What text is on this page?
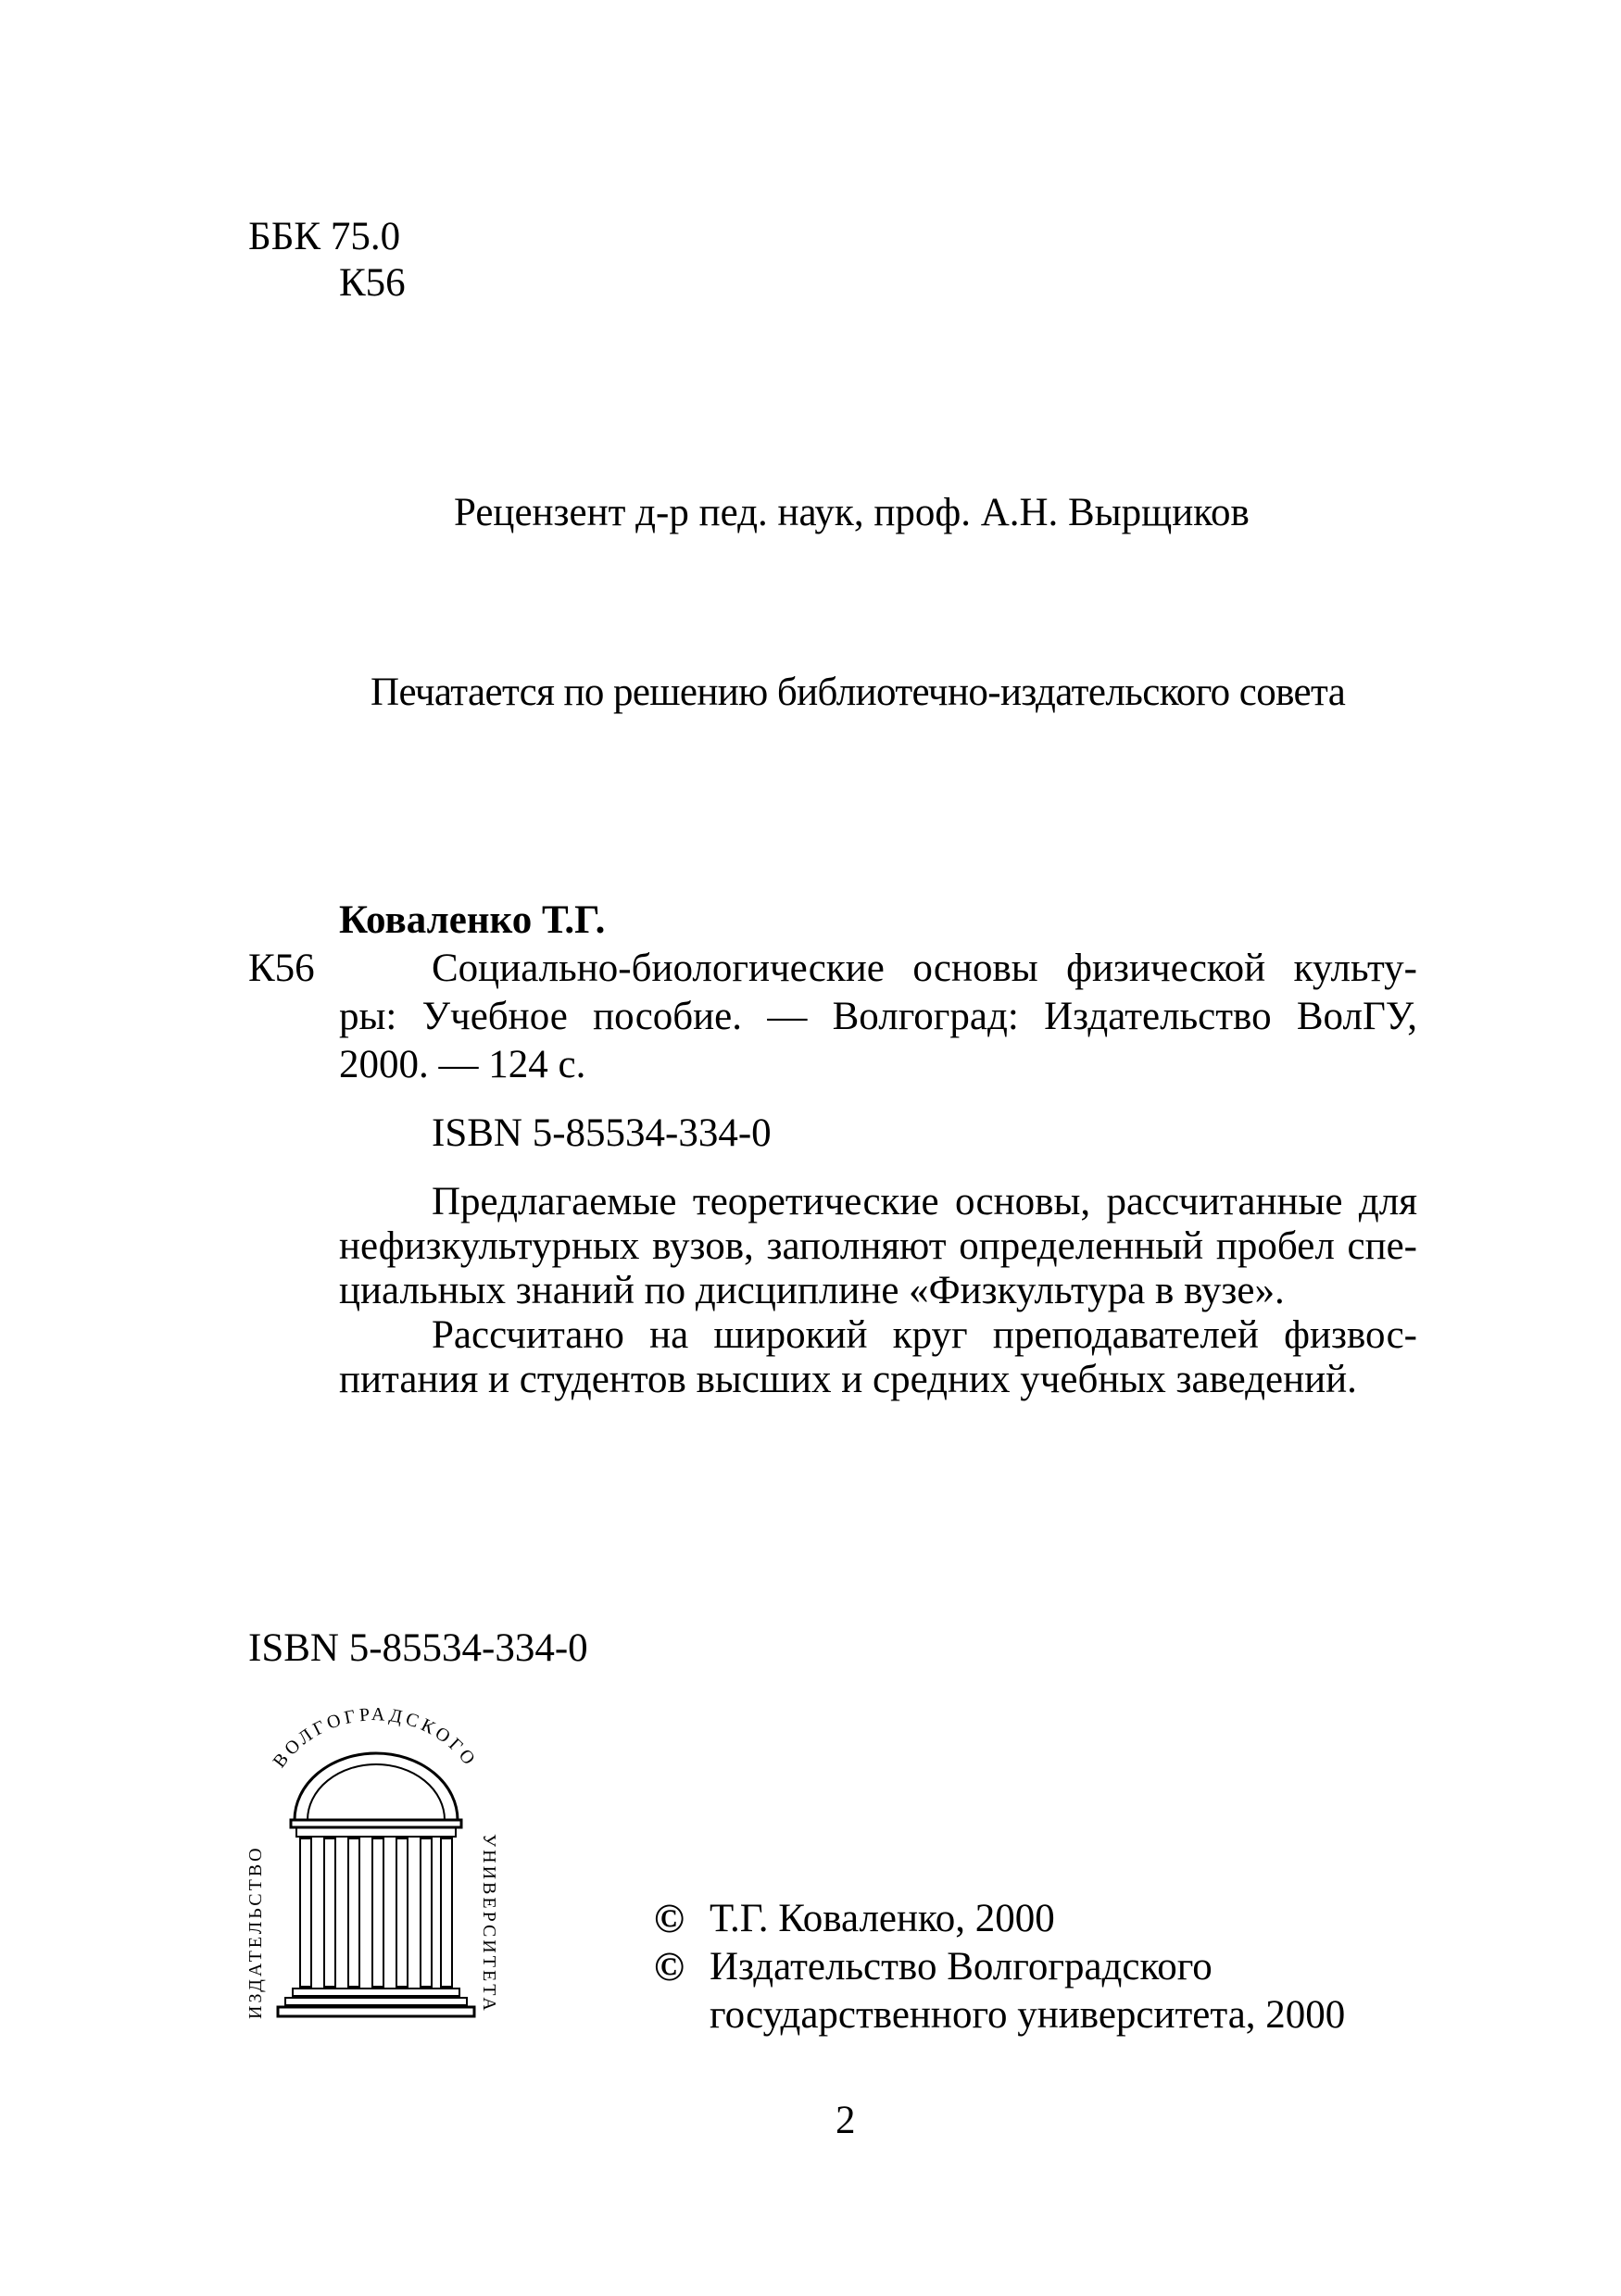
ББК 75.0
К56
Рецензент д-р пед. наук, проф. А.Н. Вырщиков
Печатается по решению библиотечно-издательского совета
Коваленко Т.Г.
К56	Социально-биологические основы физической культу-
ры: Учебное пособие. — Волгоград: Издательство ВолГУ,
2000. — 124 с.
ISBN 5-85534-334-0
Предлагаемые теоретические основы, рассчитанные для
нефизкультурных вузов, заполняют определенный пробел спе-
циальных знаний по дисциплине «Физкультура в вузе».
Рассчитано на широкий круг преподавателей физвос-
питания и студентов высших и средних учебных заведений.
ISBN 5-85534-334-0
ВОЛГОГРАДСКОГО
ИЗДАТЕЛЬСТВО	УНИВЕРСИТЕТА	© Т.Г. Коваленко, 2000
© Издательство Волгоградского
государственного университета, 2000
2
